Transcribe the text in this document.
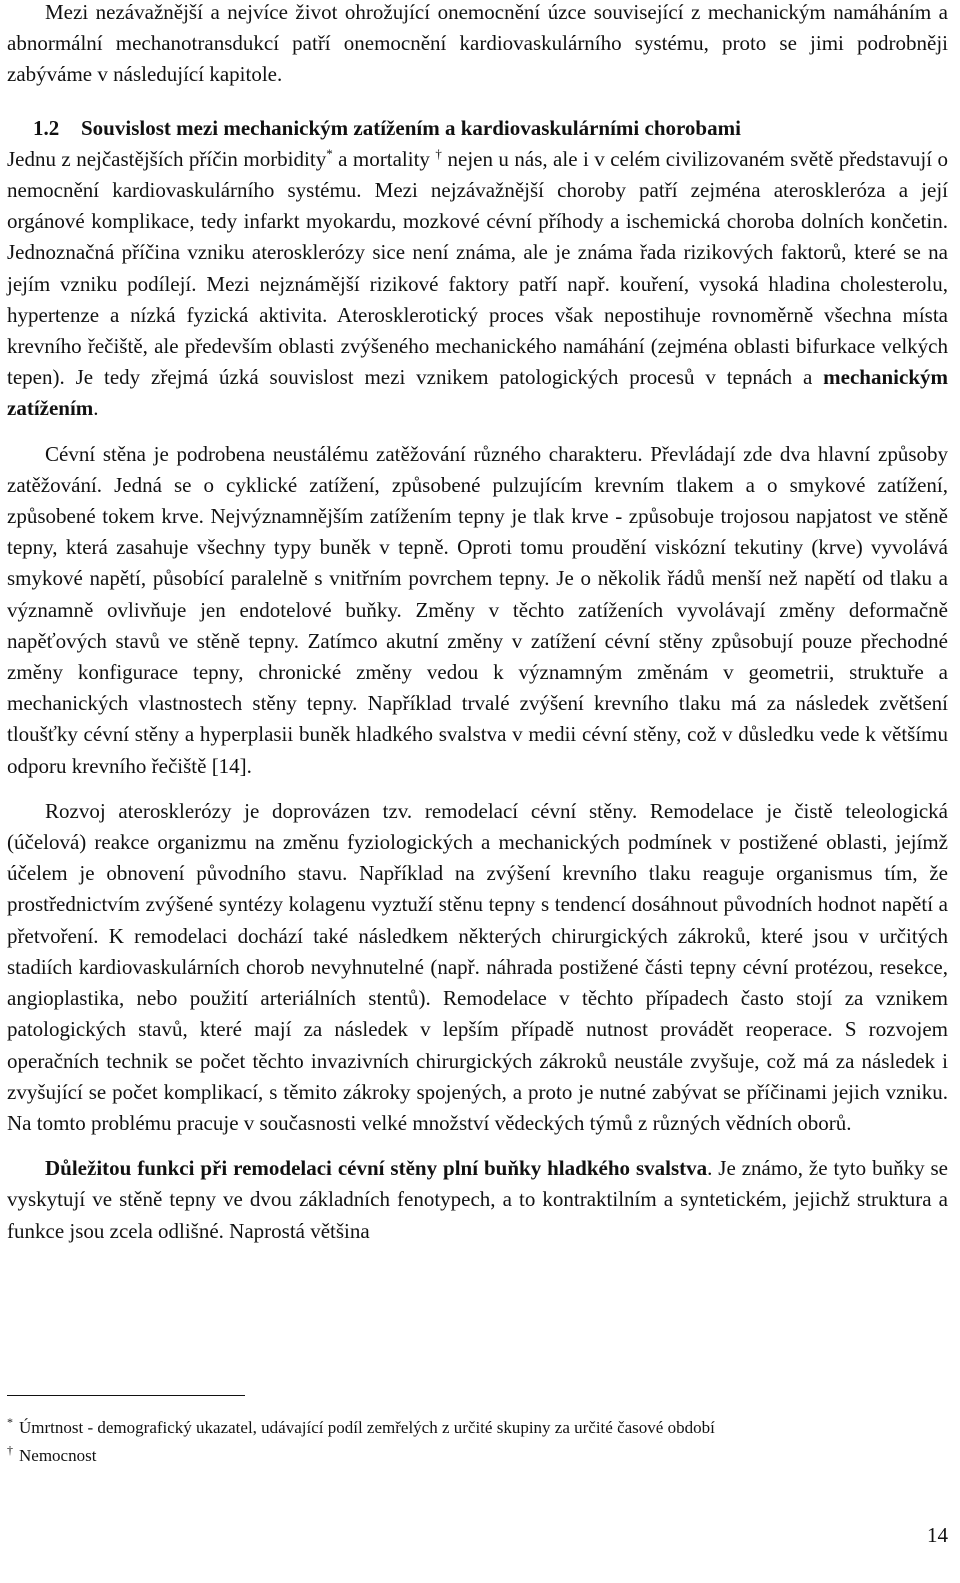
Mezi nezávažnější a nejvíce život ohrožující onemocnění úzce související z mechanickým namáháním a abnormální mechanotransdukcí patří onemocnění kardiovaskulárního systému, proto se jimi podrobněji zabýváme v následující kapitole.

1.2 Souvislost mezi mechanickým zatížením a kardiovaskulárními chorobami

Jednu z nejčastějších příčin morbidity* a mortality † nejen u nás, ale i v celém civilizovaném světě představují o nemocnění kardiovaskulárního systému. Mezi nejzávažnější choroby patří zejména ateroskleróza a její orgánové komplikace, tedy infarkt myokardu, mozkové cévní příhody a ischemická choroba dolních končetin. Jednoznačná příčina vzniku aterosklerózy sice není známa, ale je známa řada rizikových faktorů, které se na jejím vzniku podílejí. Mezi nejznámější rizikové faktory patří např. kouření, vysoká hladina cholesterolu, hypertenze a nízká fyzická aktivita. Aterosklerotický proces však nepostihuje rovnoměrně všechna místa krevního řečiště, ale především oblasti zvýšeného mechanického namáhání (zejména oblasti bifurkace velkých tepen). Je tedy zřejmá úzká souvislost mezi vznikem patologických procesů v tepnách a mechanickým zatížením.

Cévní stěna je podrobena neustálému zatěžování různého charakteru. Převládají zde dva hlavní způsoby zatěžování. Jedná se o cyklické zatížení, způsobené pulzujícím krevním tlakem a o smykové zatížení, způsobené tokem krve. Nejvýznamnějším zatížením tepny je tlak krve - způsobuje trojosou napjatost ve stěně tepny, která zasahuje všechny typy buněk v tepně. Oproti tomu proudění viskózní tekutiny (krve) vyvolává smykové napětí, působící paralelně s vnitřním povrchem tepny. Je o několik řádů menší než napětí od tlaku a významně ovlivňuje jen endotelové buňky. Změny v těchto zatíženích vyvolávají změny deformačně napěťových stavů ve stěně tepny. Zatímco akutní změny v zatížení cévní stěny způsobují pouze přechodné změny konfigurace tepny, chronické změny vedou k významným změnám v geometrii, struktuře a mechanických vlastnostech stěny tepny. Například trvalé zvýšení krevního tlaku má za následek zvětšení tloušťky cévní stěny a hyperplasii buněk hladkého svalstva v medii cévní stěny, což v důsledku vede k většímu odporu krevního řečiště [14].

Rozvoj aterosklerózy je doprovázen tzv. remodelací cévní stěny. Remodelace je čistě teleologická (účelová) reakce organizmu na změnu fyziologických a mechanických podmínek v postižené oblasti, jejímž účelem je obnovení původního stavu. Například na zvýšení krevního tlaku reaguje organismus tím, že prostřednictvím zvýšené syntézy kolagenu vyztuží stěnu tepny s tendencí dosáhnout původních hodnot napětí a přetvoření. K remodelaci dochází také následkem některých chirurgických zákroků, které jsou v určitých stadiích kardiovaskulárních chorob nevyhnutelné (např. náhrada postižené části tepny cévní protézou, resekce, angioplastika, nebo použití arteriálních stentů). Remodelace v těchto případech často stojí za vznikem patologických stavů, které mají za následek v lepším případě nutnost provádět reoperace. S rozvojem operačních technik se počet těchto invazivních chirurgických zákroků neustále zvyšuje, což má za následek i zvyšující se počet komplikací, s těmito zákroky spojených, a proto je nutné zabývat se příčinami jejich vzniku. Na tomto problému pracuje v současnosti velké množství vědeckých týmů z různých vědních oborů.

Důležitou funkci při remodelaci cévní stěny plní buňky hladkého svalstva. Je známo, že tyto buňky se vyskytují ve stěně tepny ve dvou základních fenotypech, a to kontraktilním a syntetickém, jejichž struktura a funkce jsou zcela odlišné. Naprostá většina

* Úmrtnost - demografický ukazatel, udávající podíl zemřelých z určité skupiny za určité časové období

† Nemocnost

14
